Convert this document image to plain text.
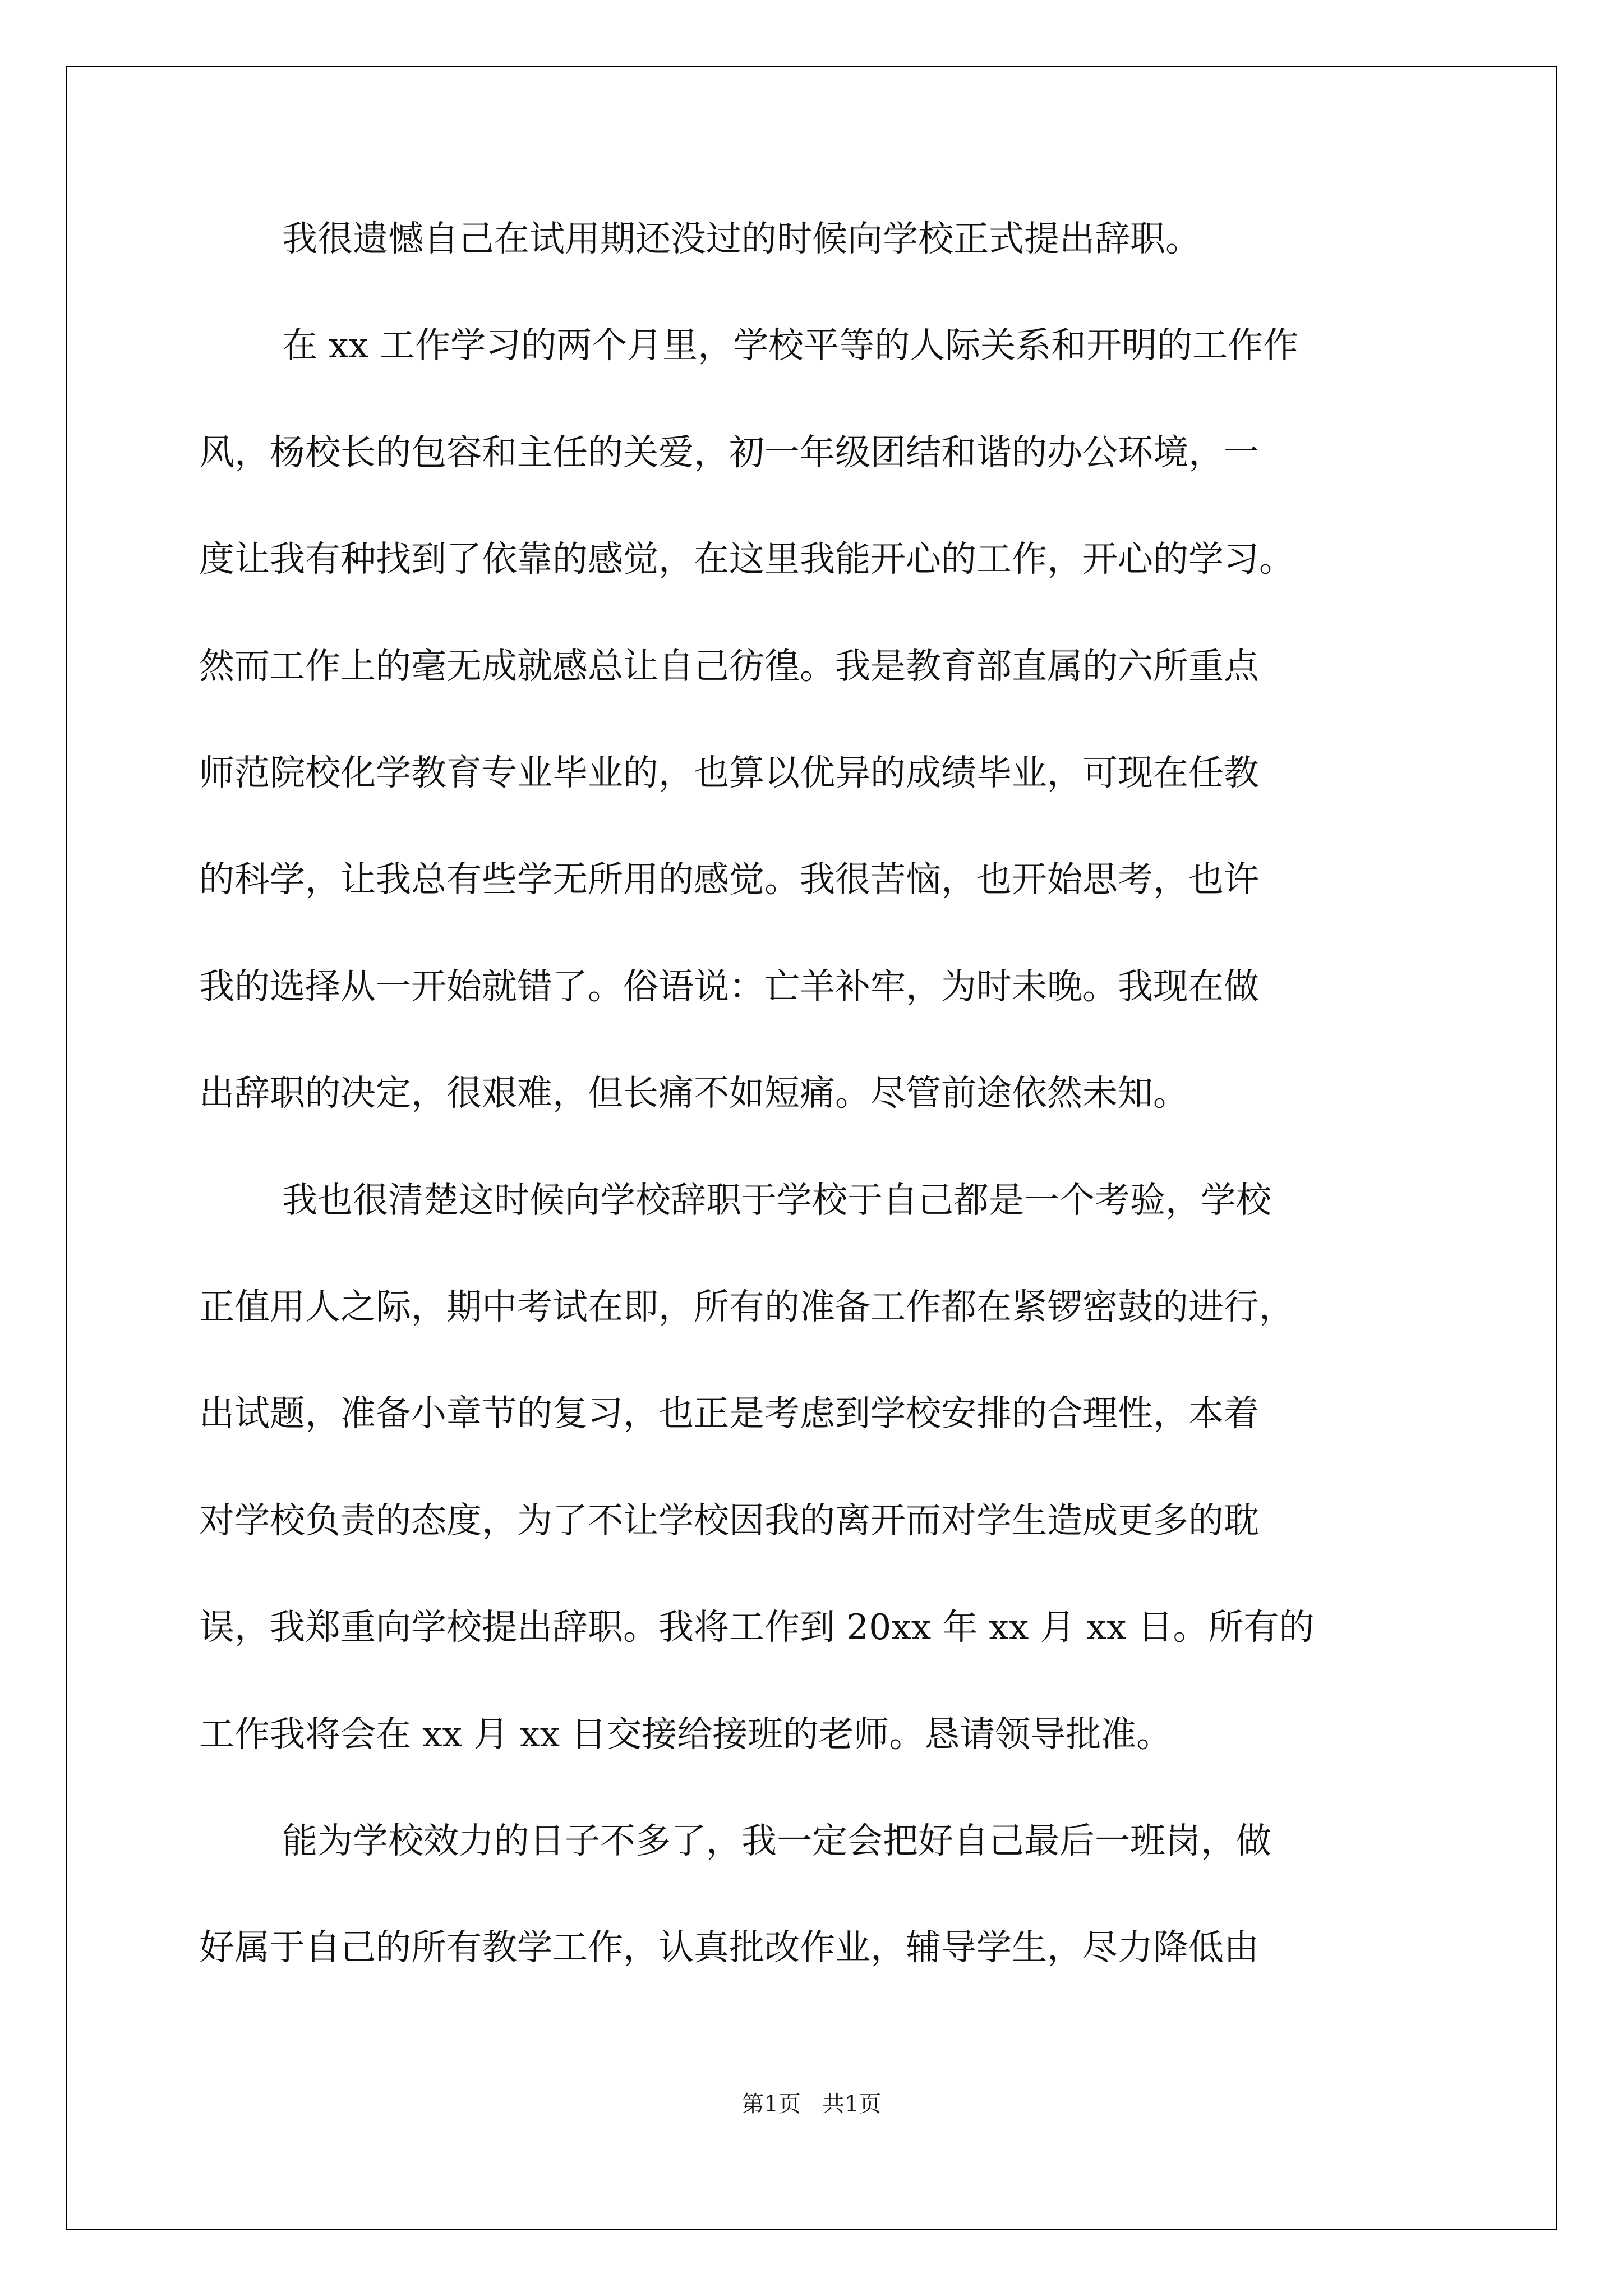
我很遗憾自己在试用期还没过的时候向学校正式提出辞职。
在 xx 工作学习的两个月里，学校平等的人际关系和开明的工作作
风，杨校长的包容和主任的关爱，初一年级团结和谐的办公环境，一
度让我有种找到了依靠的感觉，在这里我能开心的工作，开心的学习。
然而工作上的毫无成就感总让自己彷徨。我是教育部直属的六所重点
师范院校化学教育专业毕业的，也算以优异的成绩毕业，可现在任教
的科学，让我总有些学无所用的感觉。我很苦恼，也开始思考，也许
我的选择从一开始就错了。俗语说：亡羊补牢，为时未晚。我现在做
出辞职的决定，很艰难，但长痛不如短痛。尽管前途依然未知。
我也很清楚这时候向学校辞职于学校于自己都是一个考验，学校
正值用人之际，期中考试在即，所有的准备工作都在紧锣密鼓的进行，
出试题，准备小章节的复习，也正是考虑到学校安排的合理性，本着
对学校负责的态度，为了不让学校因我的离开而对学生造成更多的耽
误，我郑重向学校提出辞职。我将工作到 20xx 年 xx 月 xx 日。所有的
工作我将会在 xx 月 xx 日交接给接班的老师。恳请领导批准。
能为学校效力的日子不多了，我一定会把好自己最后一班岗，做
好属于自己的所有教学工作，认真批改作业，辅导学生，尽力降低由
第1页   共1页
